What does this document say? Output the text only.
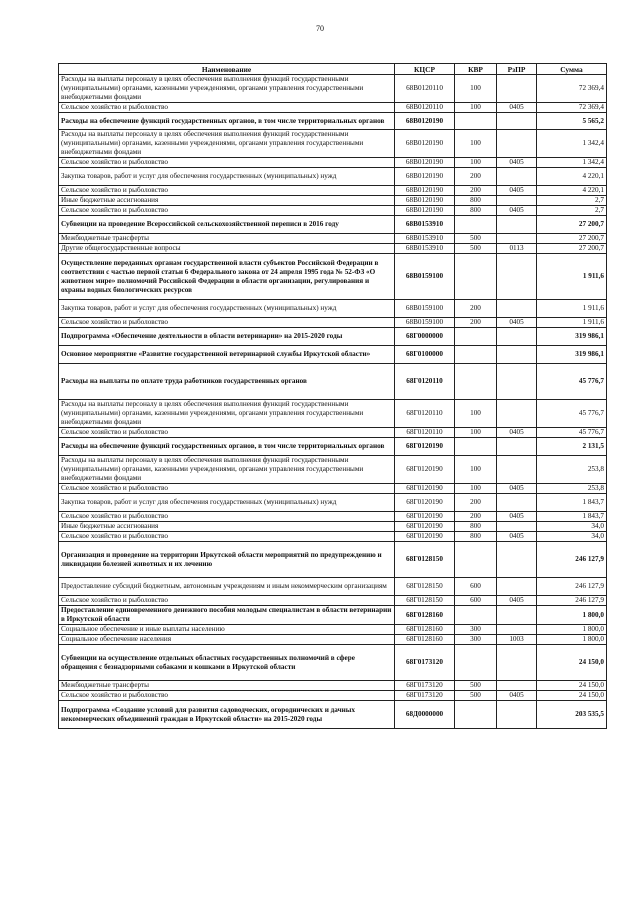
70
Наименование	КЦСР	КВР	РзПР	Сумма
Расходы на выплаты персоналу в целях обеспечения выполнения функций государственными (муниципальными) органами, казенными учреждениями, органами управления государственными внебюджетными фондами	68В0120110	100		72 369,4
Сельское хозяйство и рыболовство	68В0120110	100	0405	72 369,4
Расходы на обеспечение функций государственных органов, в том числе территориальных органов	68В0120190			5 565,2
Расходы на выплаты персоналу в целях обеспечения выполнения функций государственными (муниципальными) органами, казенными учреждениями, органами управления государственными внебюджетными фондами	68В0120190	100		1 342,4
Сельское хозяйство и рыболовство	68В0120190	100	0405	1 342,4
Закупка товаров, работ и услуг для обеспечения государственных (муниципальных) нужд	68В0120190	200		4 220,1
Сельское хозяйство и рыболовство	68В0120190	200	0405	4 220,1
Иные бюджетные ассигнования	68В0120190	800		2,7
Сельское хозяйство и рыболовство	68В0120190	800	0405	2,7
Субвенции на проведение Всероссийской сельскохозяйственной переписи в 2016 году	68В0153910			27 200,7
Межбюджетные трансферты	68В0153910	500		27 200,7
Другие общегосударственные вопросы	68В0153910	500	0113	27 200,7
Осуществление переданных органам государственной власти субъектов Российской Федерации в соответствии с частью первой статьи 6 Федерального закона от 24 апреля 1995 года № 52-ФЗ «О животном мире» полномочий Российской Федерации в области организации, регулирования и охраны водных биологических ресурсов	68В0159100			1 911,6
Закупка товаров, работ и услуг для обеспечения государственных (муниципальных) нужд	68В0159100	200		1 911,6
Сельское хозяйство и рыболовство	68В0159100	200	0405	1 911,6
Подпрограмма «Обеспечение деятельности в области ветеринарии» на 2015-2020 годы	68Г0000000			319 986,1
Основное мероприятие «Развитие государственной ветеринарной службы Иркутской области»	68Г0100000			319 986,1
Расходы на выплаты по оплате труда работников государственных органов	68Г0120110			45 776,7
Расходы на выплаты персоналу в целях обеспечения выполнения функций государственными (муниципальными) органами, казенными учреждениями, органами управления государственными внебюджетными фондами	68Г0120110	100		45 776,7
Сельское хозяйство и рыболовство	68Г0120110	100	0405	45 776,7
Расходы на обеспечение функций государственных органов, в том числе территориальных органов	68Г0120190			2 131,5
Расходы на выплаты персоналу в целях обеспечения выполнения функций государственными (муниципальными) органами, казенными учреждениями, органами управления государственными внебюджетными фондами	68Г0120190	100		253,8
Сельское хозяйство и рыболовство	68Г0120190	100	0405	253,8
Закупка товаров, работ и услуг для обеспечения государственных (муниципальных) нужд	68Г0120190	200		1 843,7
Сельское хозяйство и рыболовство	68Г0120190	200	0405	1 843,7
Иные бюджетные ассигнования	68Г0120190	800		34,0
Сельское хозяйство и рыболовство	68Г0120190	800	0405	34,0
Организация и проведение на территории Иркутской области мероприятий по предупреждению и ликвидации болезней животных и их лечению	68Г0128150			246 127,9
Предоставление субсидий бюджетным, автономным учреждениям и иным некоммерческим организациям	68Г0128150	600		246 127,9
Сельское хозяйство и рыболовство	68Г0128150	600	0405	246 127,9
Предоставление единовременного денежного пособия молодым специалистам в области ветеринарии в Иркутской области	68Г0128160			1 800,0
Социальное обеспечение и иные выплаты населению	68Г0128160	300		1 800,0
Социальное обеспечение населения	68Г0128160	300	1003	1 800,0
Субвенции на осуществление отдельных областных государственных полномочий в сфере обращения с безнадзорными собаками и кошками в Иркутской области	68Г0173120			24 150,0
Межбюджетные трансферты	68Г0173120	500		24 150,0
Сельское хозяйство и рыболовство	68Г0173120	500	0405	24 150,0
Подпрограмма «Создание условий для развития садоводческих, огороднических и дачных некоммерческих объединений граждан в Иркутской области» на 2015-2020 годы	68Д0000000			203 535,5
